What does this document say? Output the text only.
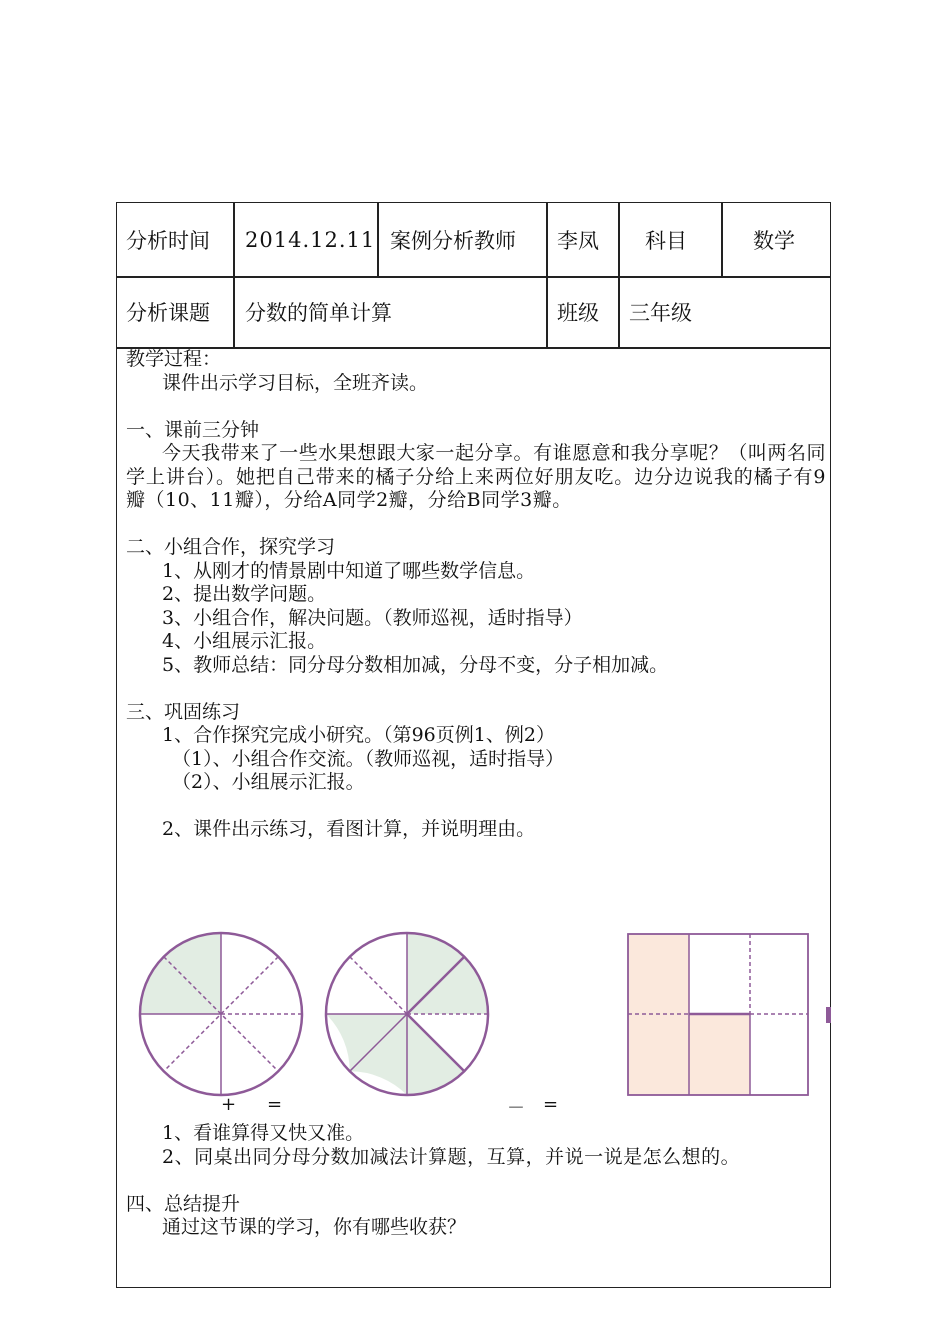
分析时间 2014.12.11 案例分析教师 李凤 科目	数学
分析课题 分数的简单计算	班级 三年级

教学过程：

课件出示学习目标，全班齐读。

一、课前三分钟

今天我带来了一些水果想跟大家一起分享。有谁愿意和我分享呢？（叫两名同学上讲台）。她把自己带来的橘子分给上来两位好朋友吃。边分边说我的橘子有9瓣（10、11瓣），分给A同学2瓣，分给B同学3瓣。

二、小组合作，探究学习

1、从刚才的情景剧中知道了哪些数学信息。

2、提出数学问题。

3、小组合作，解决问题。（教师巡视，适时指导）

4、小组展示汇报。

5、教师总结：同分母分数相加减，分母不变，分子相加减。

三、巩固练习

1、合作探究完成小研究。（第96页例1、例2）

（1）、小组合作交流。（教师巡视，适时指导）

（2）、小组展示汇报。

2、课件出示练习，看图计算，并说明理由。

+ =	－ =

1、看谁算得又快又准。

2、同桌出同分母分数加减法计算题，互算，并说一说是怎么想的。

四、总结提升

通过这节课的学习，你有哪些收获？
